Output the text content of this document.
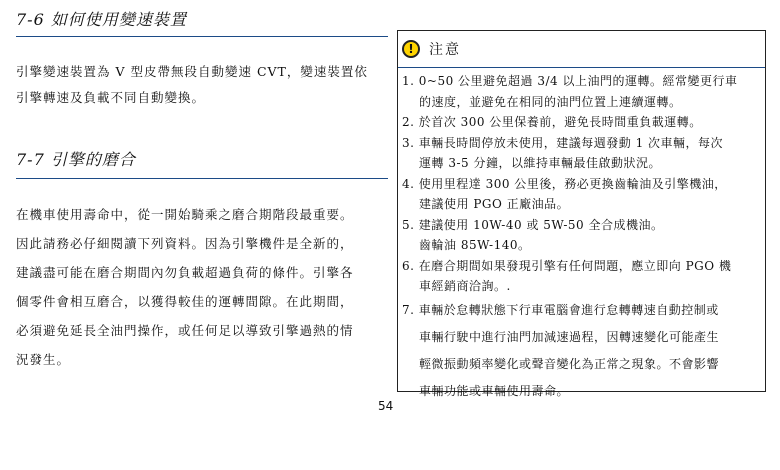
7-6 如何使用變速裝置
引擎變速裝置為 V 型皮帶無段自動變速 CVT，變速裝置依
引擎轉速及負載不同自動變換。
7-7 引擎的磨合
在機車使用壽命中，從一開始騎乘之磨合期階段最重要。
因此請務必仔細閱讀下列資料。因為引擎機件是全新的，
建議盡可能在磨合期間內勿負載超過負荷的條件。引擎各
個零件會相互磨合，以獲得較佳的運轉間隙。在此期間，
必須避免延長全油門操作，或任何足以導致引擎過熱的情
況發生。
!	注意
1. 0~50 公里避免超過 3/4 以上油門的運轉。經常變更行車
的速度，並避免在相同的油門位置上連續運轉。
2. 於首次 300 公里保養前，避免長時間重負載運轉。
3. 車輛長時間停放未使用，建議每週發動 1 次車輛，每次
運轉 3-5 分鐘，以維持車輛最佳啟動狀況。
4. 使用里程達 300 公里後，務必更換齒輪油及引擎機油，
建議使用 PGO 正廠油品。
5. 建議使用 10W-40 或 5W-50 全合成機油。
齒輪油 85W-140。
6. 在磨合期間如果發現引擎有任何問題，應立即向 PGO 機
車經銷商洽詢。.
7. 車輛於怠轉狀態下行車電腦會進行怠轉轉速自動控制或
車輛行駛中進行油門加減速過程，因轉速變化可能產生
輕微振動頻率變化或聲音變化為正常之現象。不會影響
車輛功能或車輛使用壽命。
54
